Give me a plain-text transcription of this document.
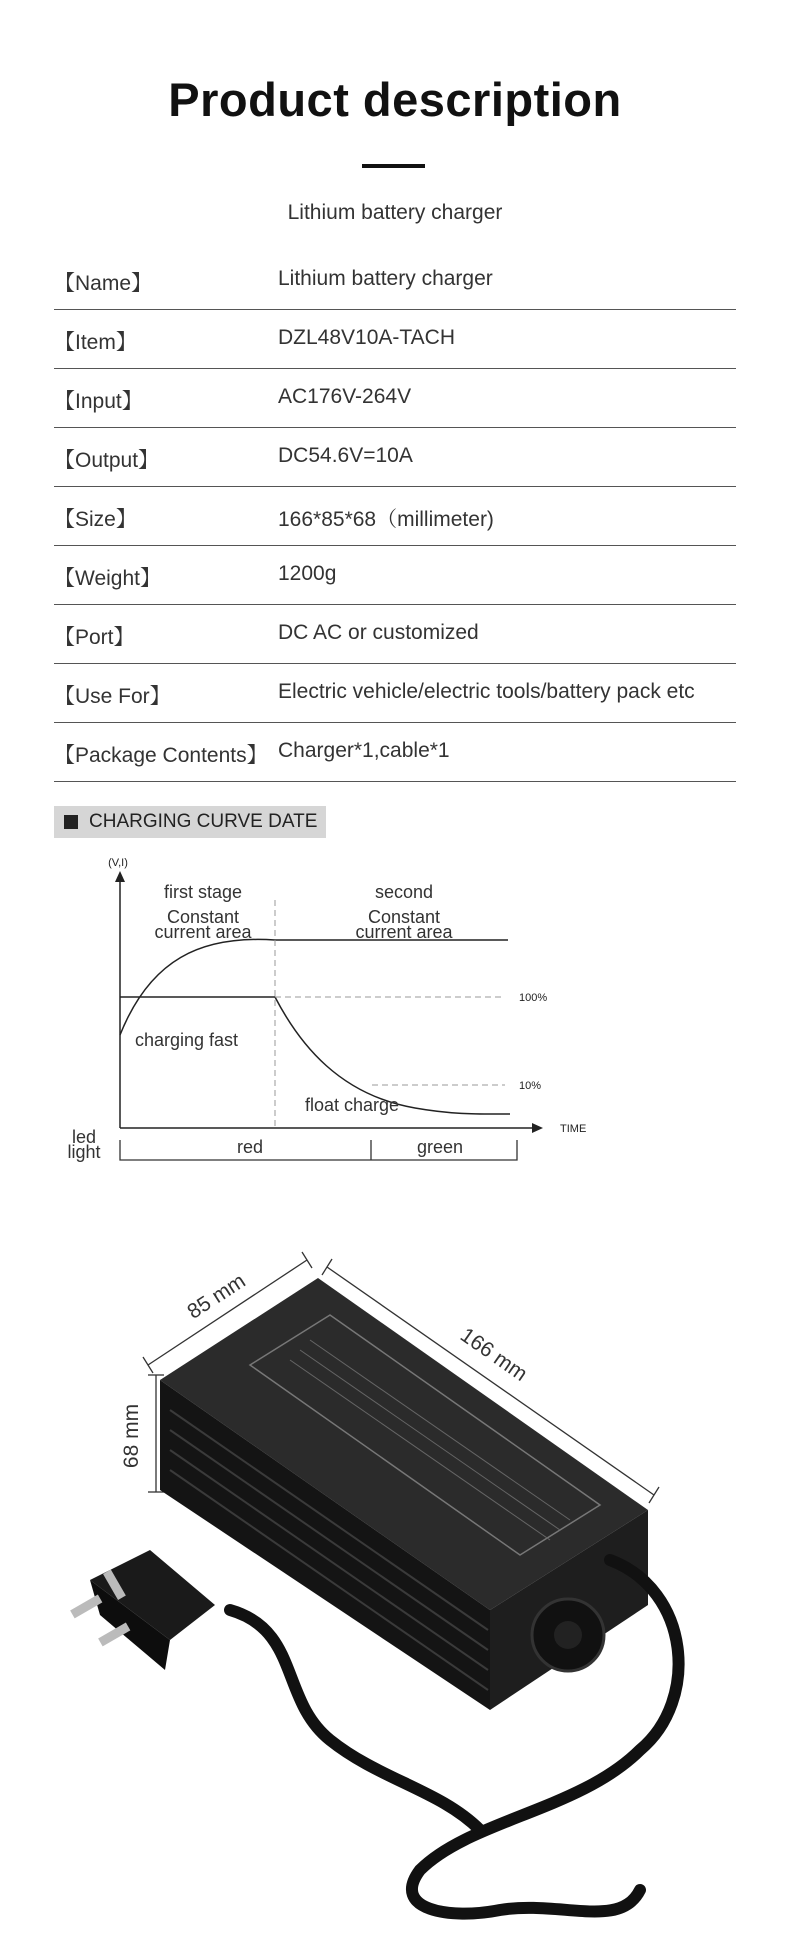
Product description
Lithium battery charger
【Name】	Lithium battery charger
【Item】	DZL48V10A-TACH
【Input】	AC176V-264V
【Output】	DC54.6V=10A
【Size】	166*85*68（millimeter)
【Weight】	1200g
【Port】	DC AC or customized
【Use For】	Electric vehicle/electric tools/battery pack etc
【Package Contents】 Charger*1,cable*1
CHARGING CURVE DATE
(V,I)
TIME
first stage
Constant
current area
second
Constant
current area
charging fast
float charge
100%
10%
led
light	red	green
85 mm
166 mm
68 mm
